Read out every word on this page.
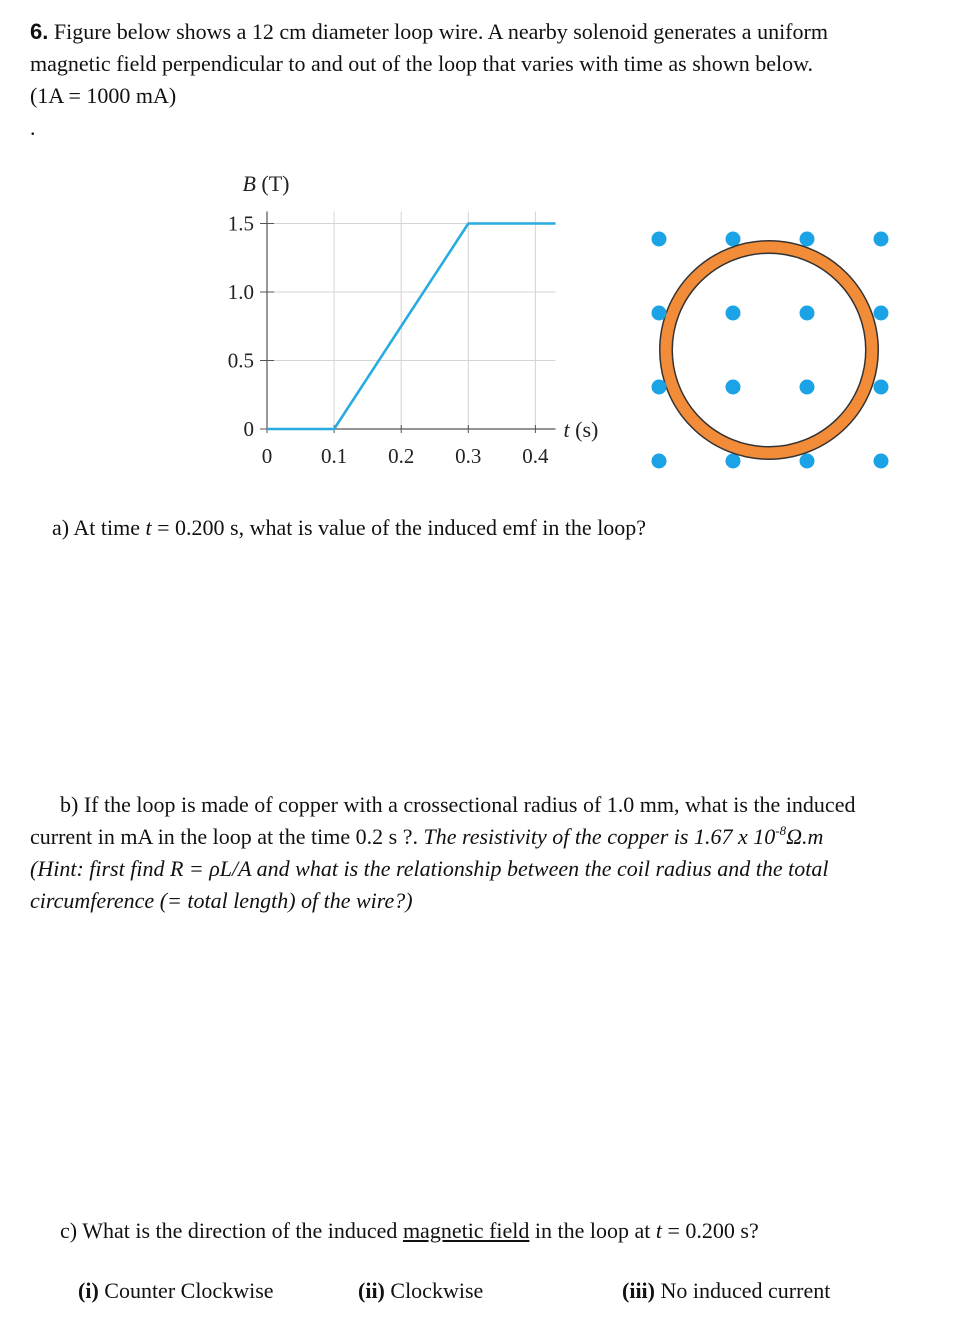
6. Figure below shows a 12 cm diameter loop wire. A nearby solenoid generates a uniform
magnetic field perpendicular to and out of the loop that varies with time as shown below.
(1A = 1000 mA)
.
0 0.1 0.2 0.3 0.4
0
0.5
1.0
1.5
B (T)
t (s)
a) At time t = 0.200 s, what is value of the induced emf in the loop?
b) If the loop is made of copper with a crossectional radius of 1.0 mm, what is the induced
current in mA in the loop at the time 0.2 s ?. The resistivity of the copper is 1.67 x $10^{-8}\Omega.m$
(Hint: first find R = ρL/A and what is the relationship between the coil radius and the total
circumference (= total length) of the wire?)
c) What is the direction of the induced magnetic field in the loop at t = 0.200 s?
(i) Counter Clockwise	(ii) Clockwise	(iii) No induced current
